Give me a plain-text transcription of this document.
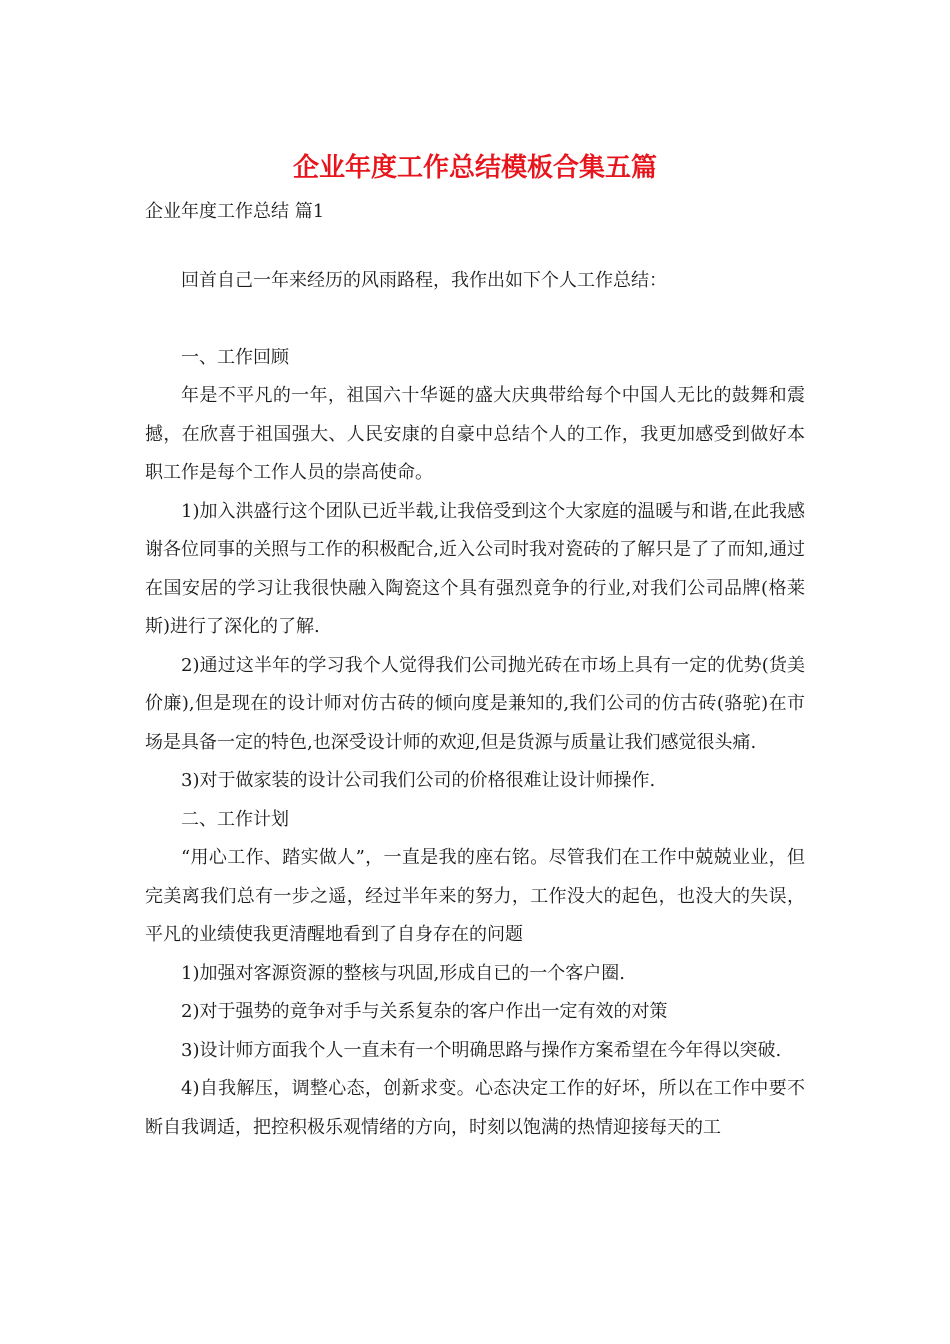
企业年度工作总结模板合集五篇
企业年度工作总结 篇1

回首自己一年来经历的风雨路程，我作出如下个人工作总结：

一、工作回顾

年是不平凡的一年，祖国六十华诞的盛大庆典带给每个中国人无比的鼓舞和震撼，在欣喜于祖国强大、人民安康的自豪中总结个人的工作，我更加感受到做好本职工作是每个工作人员的崇高使命。

1)加入洪盛行这个团队已近半载,让我倍受到这个大家庭的温暖与和谐,在此我感谢各位同事的关照与工作的积极配合,近入公司时我对瓷砖的了解只是了了而知,通过在国安居的学习让我很快融入陶瓷这个具有强烈竟争的行业,对我们公司品牌(格莱斯)进行了深化的了解.

2)通过这半年的学习我个人觉得我们公司抛光砖在市场上具有一定的优势(货美价廉),但是现在的设计师对仿古砖的倾向度是兼知的,我们公司的仿古砖(骆驼)在市场是具备一定的特色,也深受设计师的欢迎,但是货源与质量让我们感觉很头痛.

3)对于做家装的设计公司我们公司的价格很难让设计师操作.

二、工作计划

“用心工作、踏实做人”，一直是我的座右铭。尽管我们在工作中兢兢业业，但完美离我们总有一步之遥，经过半年来的努力，工作没大的起色，也没大的失误，平凡的业绩使我更清醒地看到了自身存在的问题

1)加强对客源资源的整核与巩固,形成自已的一个客户圈.

2)对于强势的竟争对手与关系复杂的客户作出一定有效的对策

3)设计师方面我个人一直未有一个明确思路与操作方案希望在今年得以突破.

4)自我解压，调整心态，创新求变。心态决定工作的好坏，所以在工作中要不断自我调适，把控积极乐观情绪的方向，时刻以饱满的热情迎接每天的工
